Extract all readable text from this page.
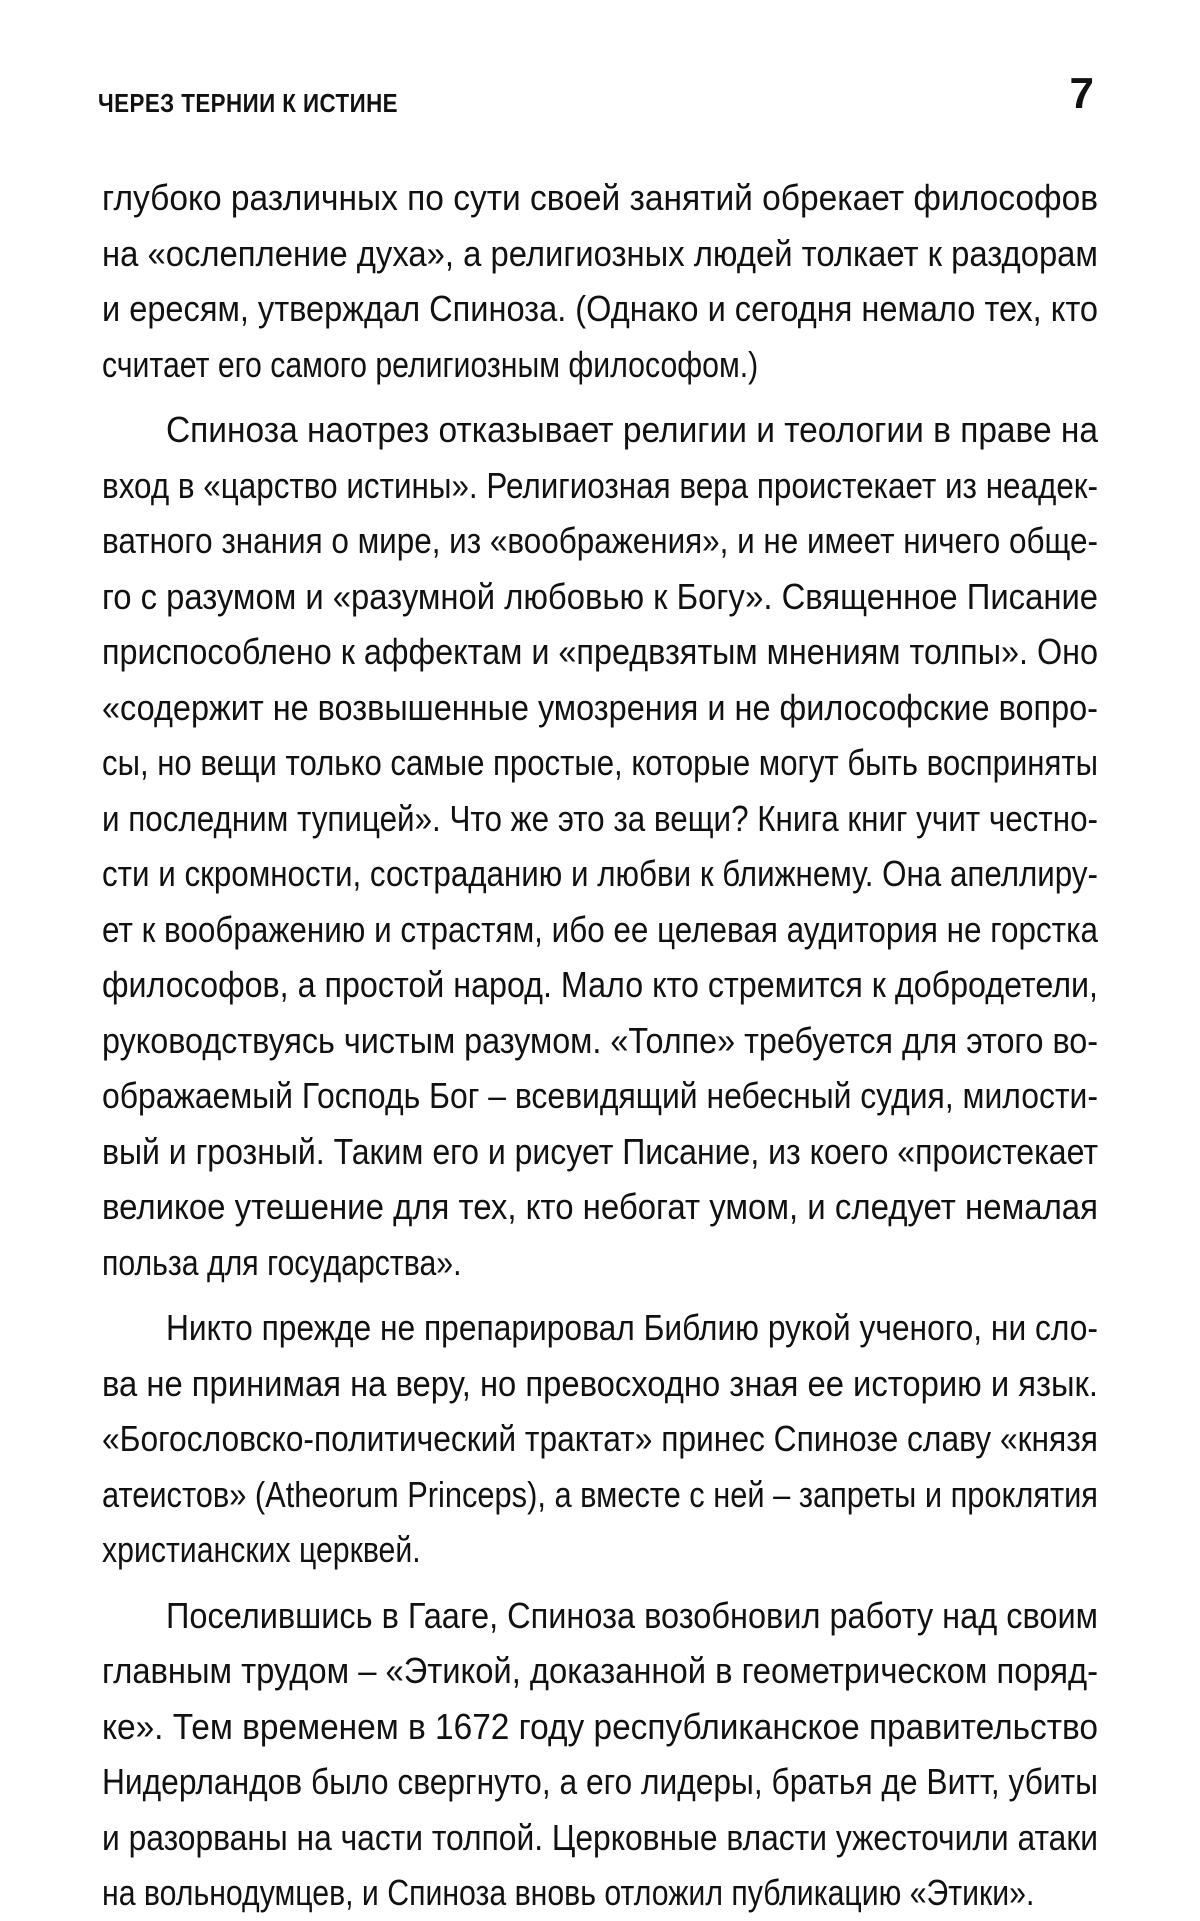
ЧЕРЕЗ ТЕРНИИ К ИСТИНЕ	7
глубоко различных по сути своей занятий обрекает философов
на «ослепление духа», а религиозных людей толкает к раздорам
и ересям, утверждал Спиноза. (Однако и сегодня немало тех, кто
считает его самого религиозным философом.)
Спиноза наотрез отказывает религии и теологии в праве на
вход в «царство истины». Религиозная вера проистекает из неадек-
ватного знания о мире, из «воображения», и не имеет ничего обще-
го с разумом и «разумной любовью к Богу». Священное Писание
приспособлено к аффектам и «предвзятым мнениям толпы». Оно
«содержит не возвышенные умозрения и не философские вопро-
сы, но вещи только самые простые, которые могут быть восприняты
и последним тупицей». Что же это за вещи? Книга книг учит честно-
сти и скромности, состраданию и любви к ближнему. Она апеллиру-
ет к воображению и страстям, ибо ее целевая аудитория не горстка
философов, а простой народ. Мало кто стремится к добродетели,
руководствуясь чистым разумом. «Толпе» требуется для этого во-
ображаемый Господь Бог – всевидящий небесный судия, милости-
вый и грозный. Таким его и рисует Писание, из коего «проистекает
великое утешение для тех, кто небогат умом, и следует немалая
польза для государства».
Никто прежде не препарировал Библию рукой ученого, ни сло-
ва не принимая на веру, но превосходно зная ее историю и язык.
«Богословско-политический трактат» принес Спинозе славу «князя
атеистов» (Atheorum Princeps), а вместе с ней – запреты и проклятия
христианских церквей.
Поселившись в Гааге, Спиноза возобновил работу над своим
главным трудом – «Этикой, доказанной в геометрическом поряд-
ке». Тем временем в 1672 году республиканское правительство
Нидерландов было свергнуто, а его лидеры, братья де Витт, убиты
и разорваны на части толпой. Церковные власти ужесточили атаки
на вольнодумцев, и Спиноза вновь отложил публикацию «Этики».
